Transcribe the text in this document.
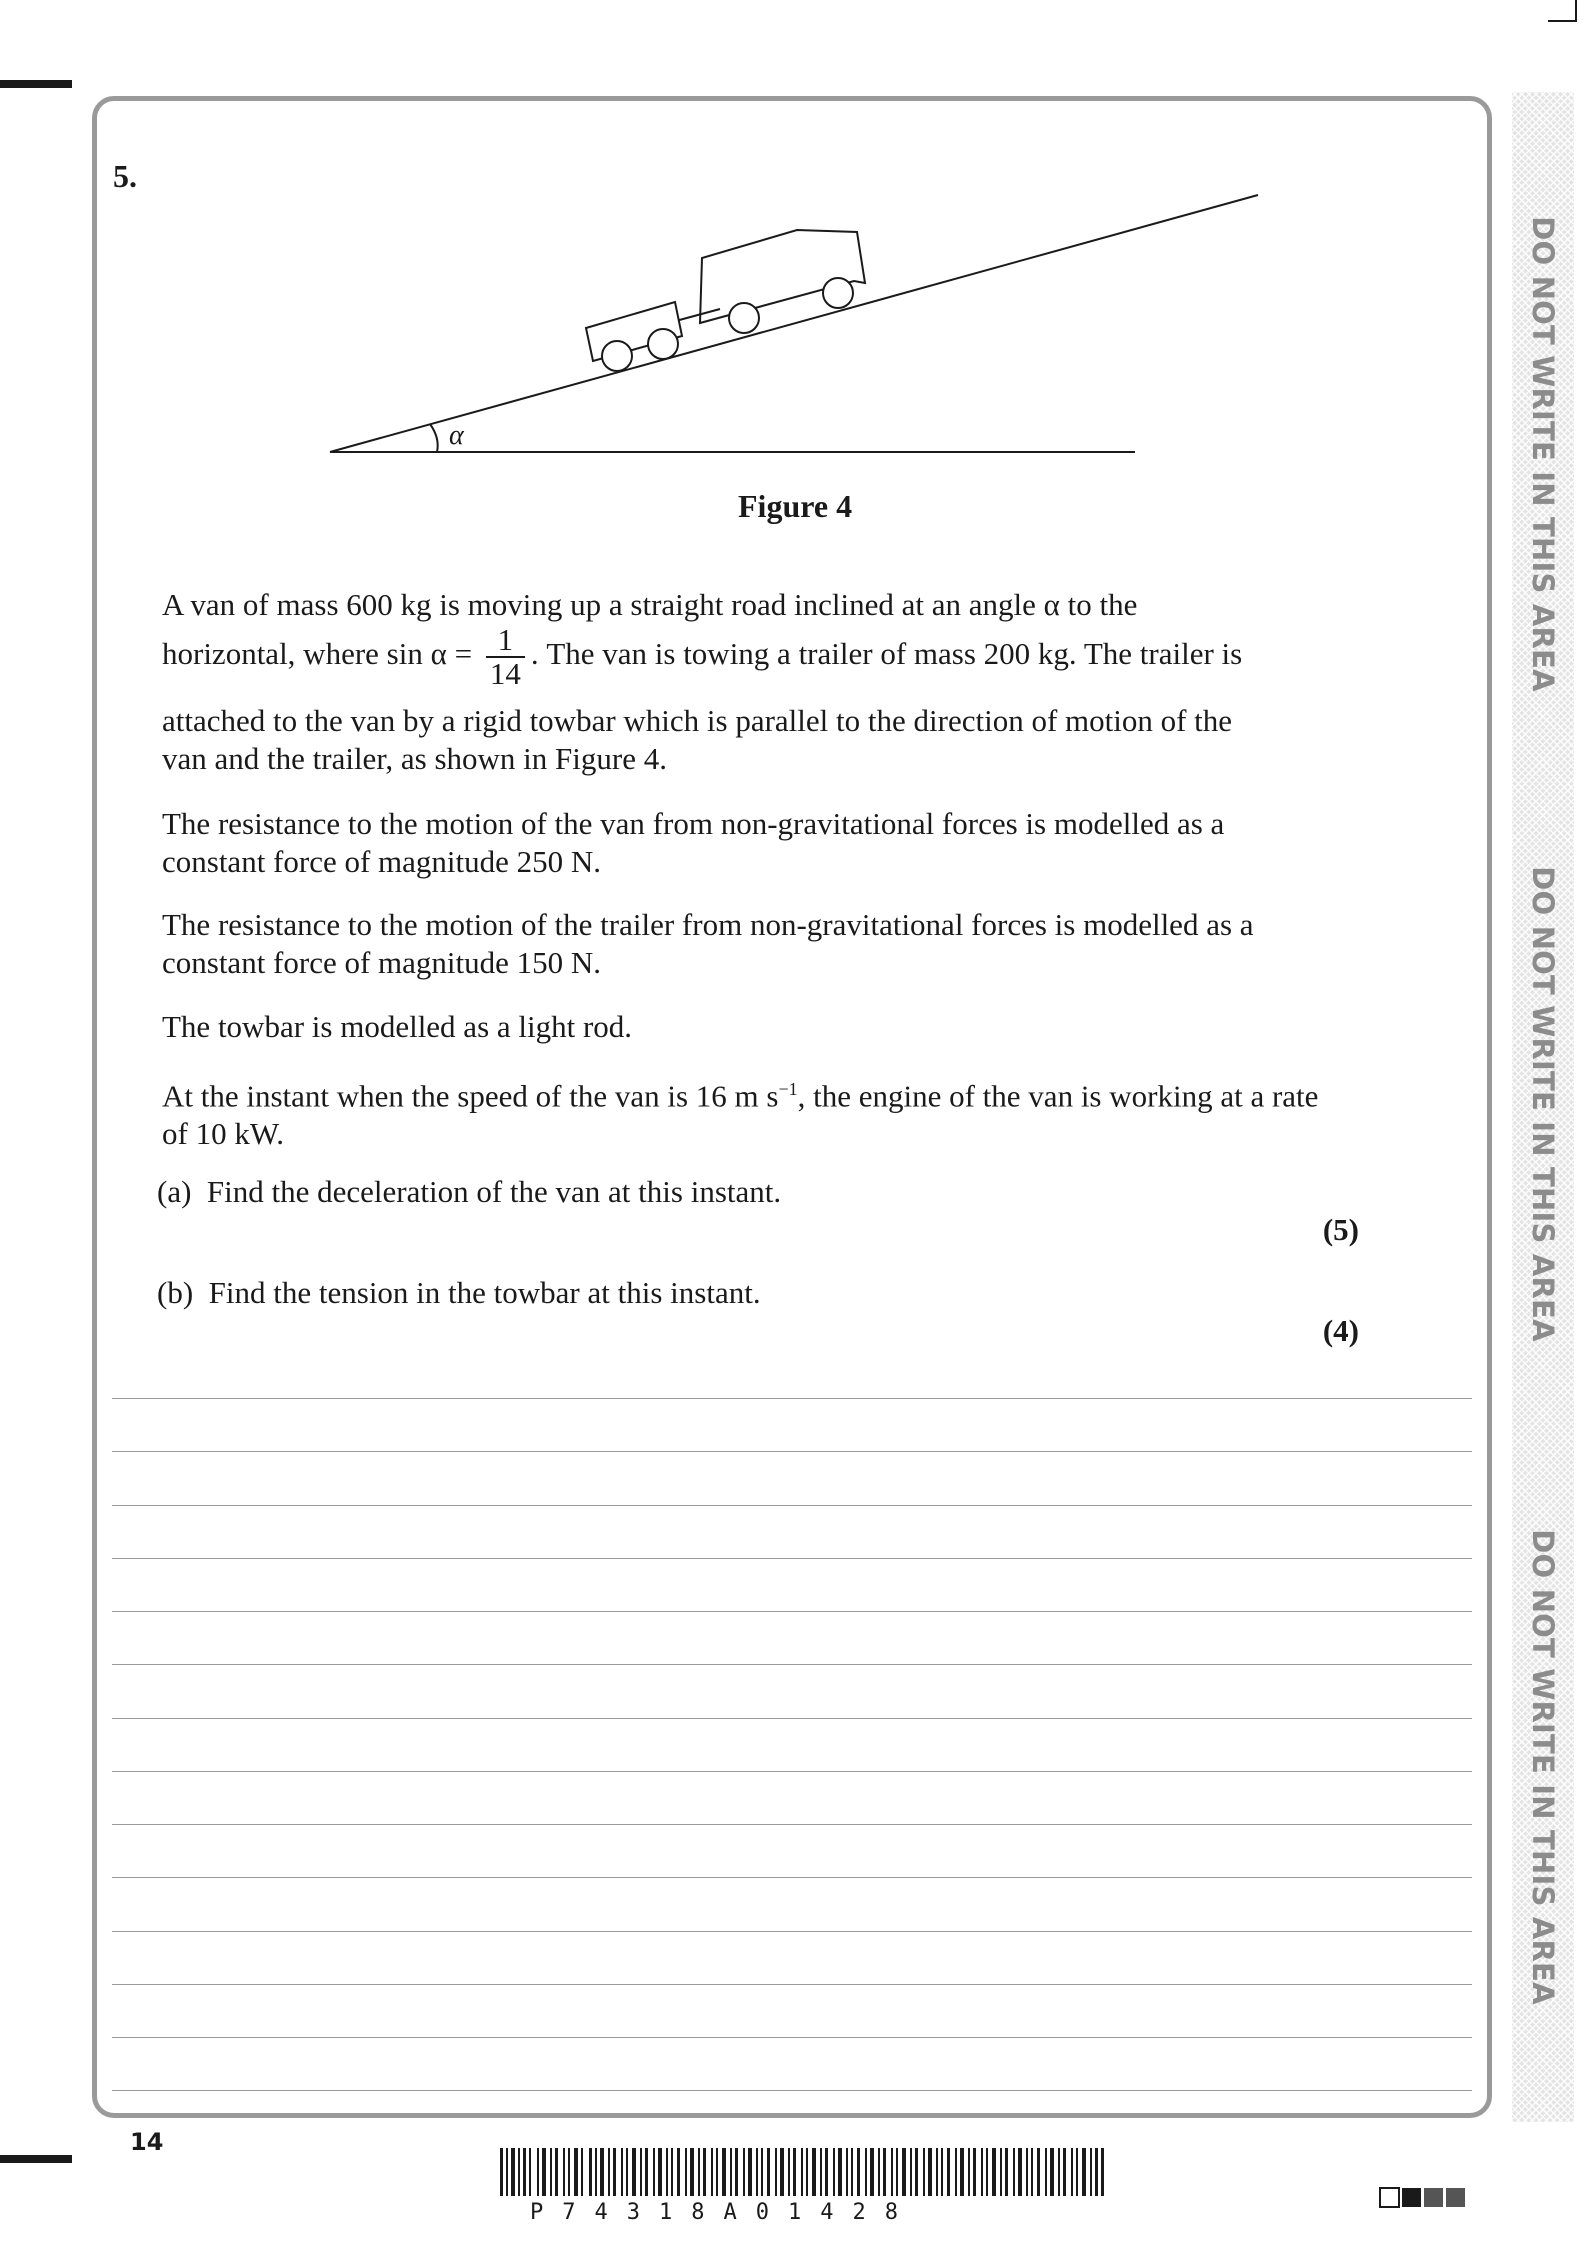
DO NOT WRITE IN THIS AREA
DO NOT WRITE IN THIS AREA
DO NOT WRITE IN THIS AREA
5.
α
Figure 4
A van of mass 600 kg is moving up a straight road inclined at an angle α to the
horizontal, where $\sin \alpha = \frac{1}{14}$ . The van is towing a trailer of mass 200 kg. The trailer is
attached to the van by a rigid towbar which is parallel to the direction of motion of the
van and the trailer, as shown in Figure 4.
The resistance to the motion of the van from non-gravitational forces is modelled as a constant force of magnitude 250 N.
The resistance to the motion of the trailer from non-gravitational forces is modelled as a constant force of magnitude 150 N.
The towbar is modelled as a light rod.
At the instant when the speed of the van is 16 m $s^{-1}$, the engine of the van is working at a rate of 10 kW.
(a) Find the deceleration of the van at this instant.
(5)
(b) Find the tension in the towbar at this instant.
(4)
14
P74318A01428
